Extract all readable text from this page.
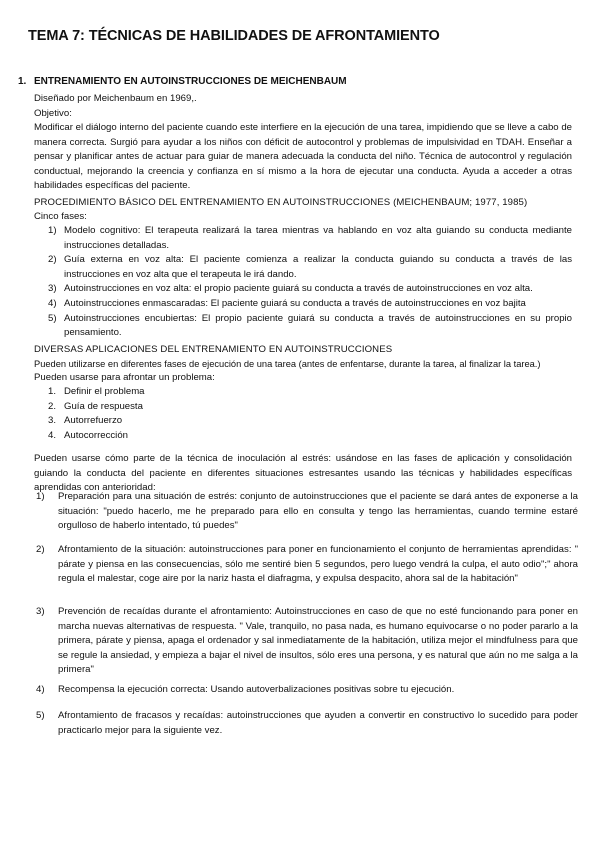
TEMA 7: TÉCNICAS DE HABILIDADES DE AFRONTAMIENTO
1. ENTRENAMIENTO EN AUTOINSTRUCCIONES DE MEICHENBAUM
Diseñado por Meichenbaum en 1969,.
Objetivo:
Modificar el diálogo interno del paciente cuando este interfiere en la ejecución de una tarea, impidiendo que se lleve a cabo de manera correcta. Surgió para ayudar a los niños con déficit de autocontrol y problemas de impulsividad en TDAH. Enseñar a pensar y planificar antes de actuar para guiar de manera adecuada la conducta del niño. Técnica de autocontrol y regulación conductual, mejorando la creencia y confianza en sí mismo a la hora de ejecutar una conducta. Ayuda a acceder a otras habilidades específicas del paciente.
PROCEDIMIENTO BÁSICO DEL ENTRENAMIENTO EN AUTOINSTRUCCIONES (MEICHENBAUM; 1977, 1985)
Cinco fases:
1) Modelo cognitivo: El terapeuta realizará la tarea mientras va hablando en voz alta guiando su conducta mediante instrucciones detalladas.
2) Guía externa en voz alta: El paciente comienza a realizar la conducta guiando su conducta a través de las instrucciones en voz alta que el terapeuta le irá dando.
3) Autoinstrucciones en voz alta: el propio paciente guiará su conducta a través de autoinstrucciones en voz alta.
4) Autoinstrucciones enmascaradas: El paciente guiará su conducta a través de autoinstrucciones en voz bajita
5) Autoinstrucciones encubiertas: El propio paciente guiará su conducta a través de autoinstrucciones en su propio pensamiento.
DIVERSAS APLICACIONES DEL ENTRENAMIENTO EN AUTOINSTRUCCIONES
Pueden utilizarse en diferentes fases de ejecución de una tarea (antes de enfentarse, durante la tarea, al finalizar la tarea.)
Pueden usarse para afrontar un problema:
1. Definir el problema
2. Guía de respuesta
3. Autorrefuerzo
4. Autocorrección
Pueden usarse cómo parte de la técnica de inoculación al estrés: usándose en las fases de aplicación y consolidación guiando la conducta del paciente en diferentes situaciones estresantes usando las técnicas y habilidades específicas aprendidas con anterioridad:
1) Preparación para una situación de estrés: conjunto de autoinstrucciones que el paciente se dará antes de exponerse a la situación: "puedo hacerlo, me he preparado para ello en consulta y tengo las herramientas, cuando termine estaré orgulloso de haberlo intentado, tú puedes"
2) Afrontamiento de la situación: autoinstrucciones para poner en funcionamiento el conjunto de herramientas aprendidas: " párate y piensa en las consecuencias, sólo me sentiré bien 5 segundos, pero luego vendrá la culpa, el auto odio";" ahora regula el malestar, coge aire por la nariz hasta el diafragma, y expulsa despacito, ahora sal de la habitación"
3) Prevención de recaídas durante el afrontamiento: Autoinstrucciones en caso de que no esté funcionando para poner en marcha nuevas alternativas de respuesta. " Vale, tranquilo, no pasa nada, es humano equivocarse o no poder pararlo a la primera, párate y piensa, apaga el ordenador y sal inmediatamente de la habitación, utiliza mejor el mindfulness para que se regule la ansiedad, y empieza a bajar el nivel de insultos, sólo eres una persona, y es natural que aún no me salga a la primera"
4) Recompensa la ejecución correcta: Usando autoverbalizaciones positivas sobre tu ejecución.
5) Afrontamiento de fracasos y recaídas: autoinstrucciones que ayuden a convertir en constructivo lo sucedido para poder practicarlo mejor para la siguiente vez.
